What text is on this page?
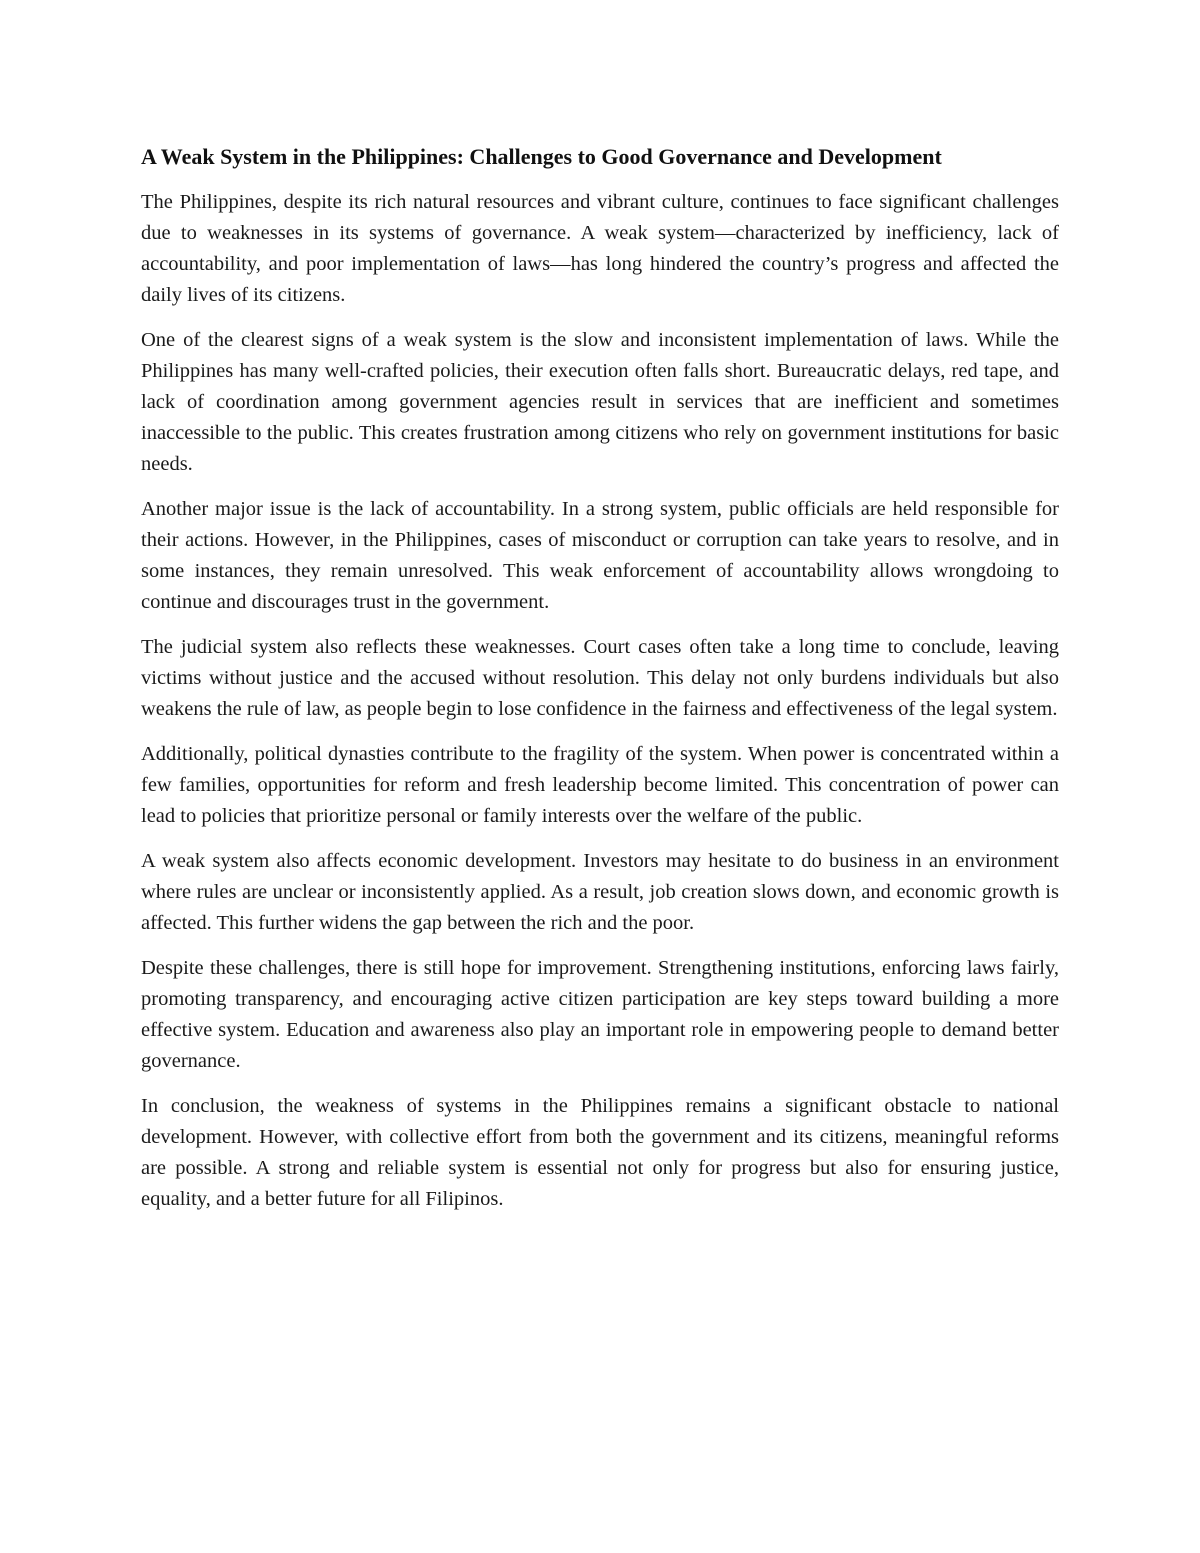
A Weak System in the Philippines: Challenges to Good Governance and Development

The Philippines, despite its rich natural resources and vibrant culture, continues to face significant challenges due to weaknesses in its systems of governance. A weak system—characterized by inefficiency, lack of accountability, and poor implementation of laws—has long hindered the country’s progress and affected the daily lives of its citizens.

One of the clearest signs of a weak system is the slow and inconsistent implementation of laws. While the Philippines has many well-crafted policies, their execution often falls short. Bureaucratic delays, red tape, and lack of coordination among government agencies result in services that are inefficient and sometimes inaccessible to the public. This creates frustration among citizens who rely on government institutions for basic needs.

Another major issue is the lack of accountability. In a strong system, public officials are held responsible for their actions. However, in the Philippines, cases of misconduct or corruption can take years to resolve, and in some instances, they remain unresolved. This weak enforcement of accountability allows wrongdoing to continue and discourages trust in the government.

The judicial system also reflects these weaknesses. Court cases often take a long time to conclude, leaving victims without justice and the accused without resolution. This delay not only burdens individuals but also weakens the rule of law, as people begin to lose confidence in the fairness and effectiveness of the legal system.

Additionally, political dynasties contribute to the fragility of the system. When power is concentrated within a few families, opportunities for reform and fresh leadership become limited. This concentration of power can lead to policies that prioritize personal or family interests over the welfare of the public.

A weak system also affects economic development. Investors may hesitate to do business in an environment where rules are unclear or inconsistently applied. As a result, job creation slows down, and economic growth is affected. This further widens the gap between the rich and the poor.

Despite these challenges, there is still hope for improvement. Strengthening institutions, enforcing laws fairly, promoting transparency, and encouraging active citizen participation are key steps toward building a more effective system. Education and awareness also play an important role in empowering people to demand better governance.

In conclusion, the weakness of systems in the Philippines remains a significant obstacle to national development. However, with collective effort from both the government and its citizens, meaningful reforms are possible. A strong and reliable system is essential not only for progress but also for ensuring justice, equality, and a better future for all Filipinos.
